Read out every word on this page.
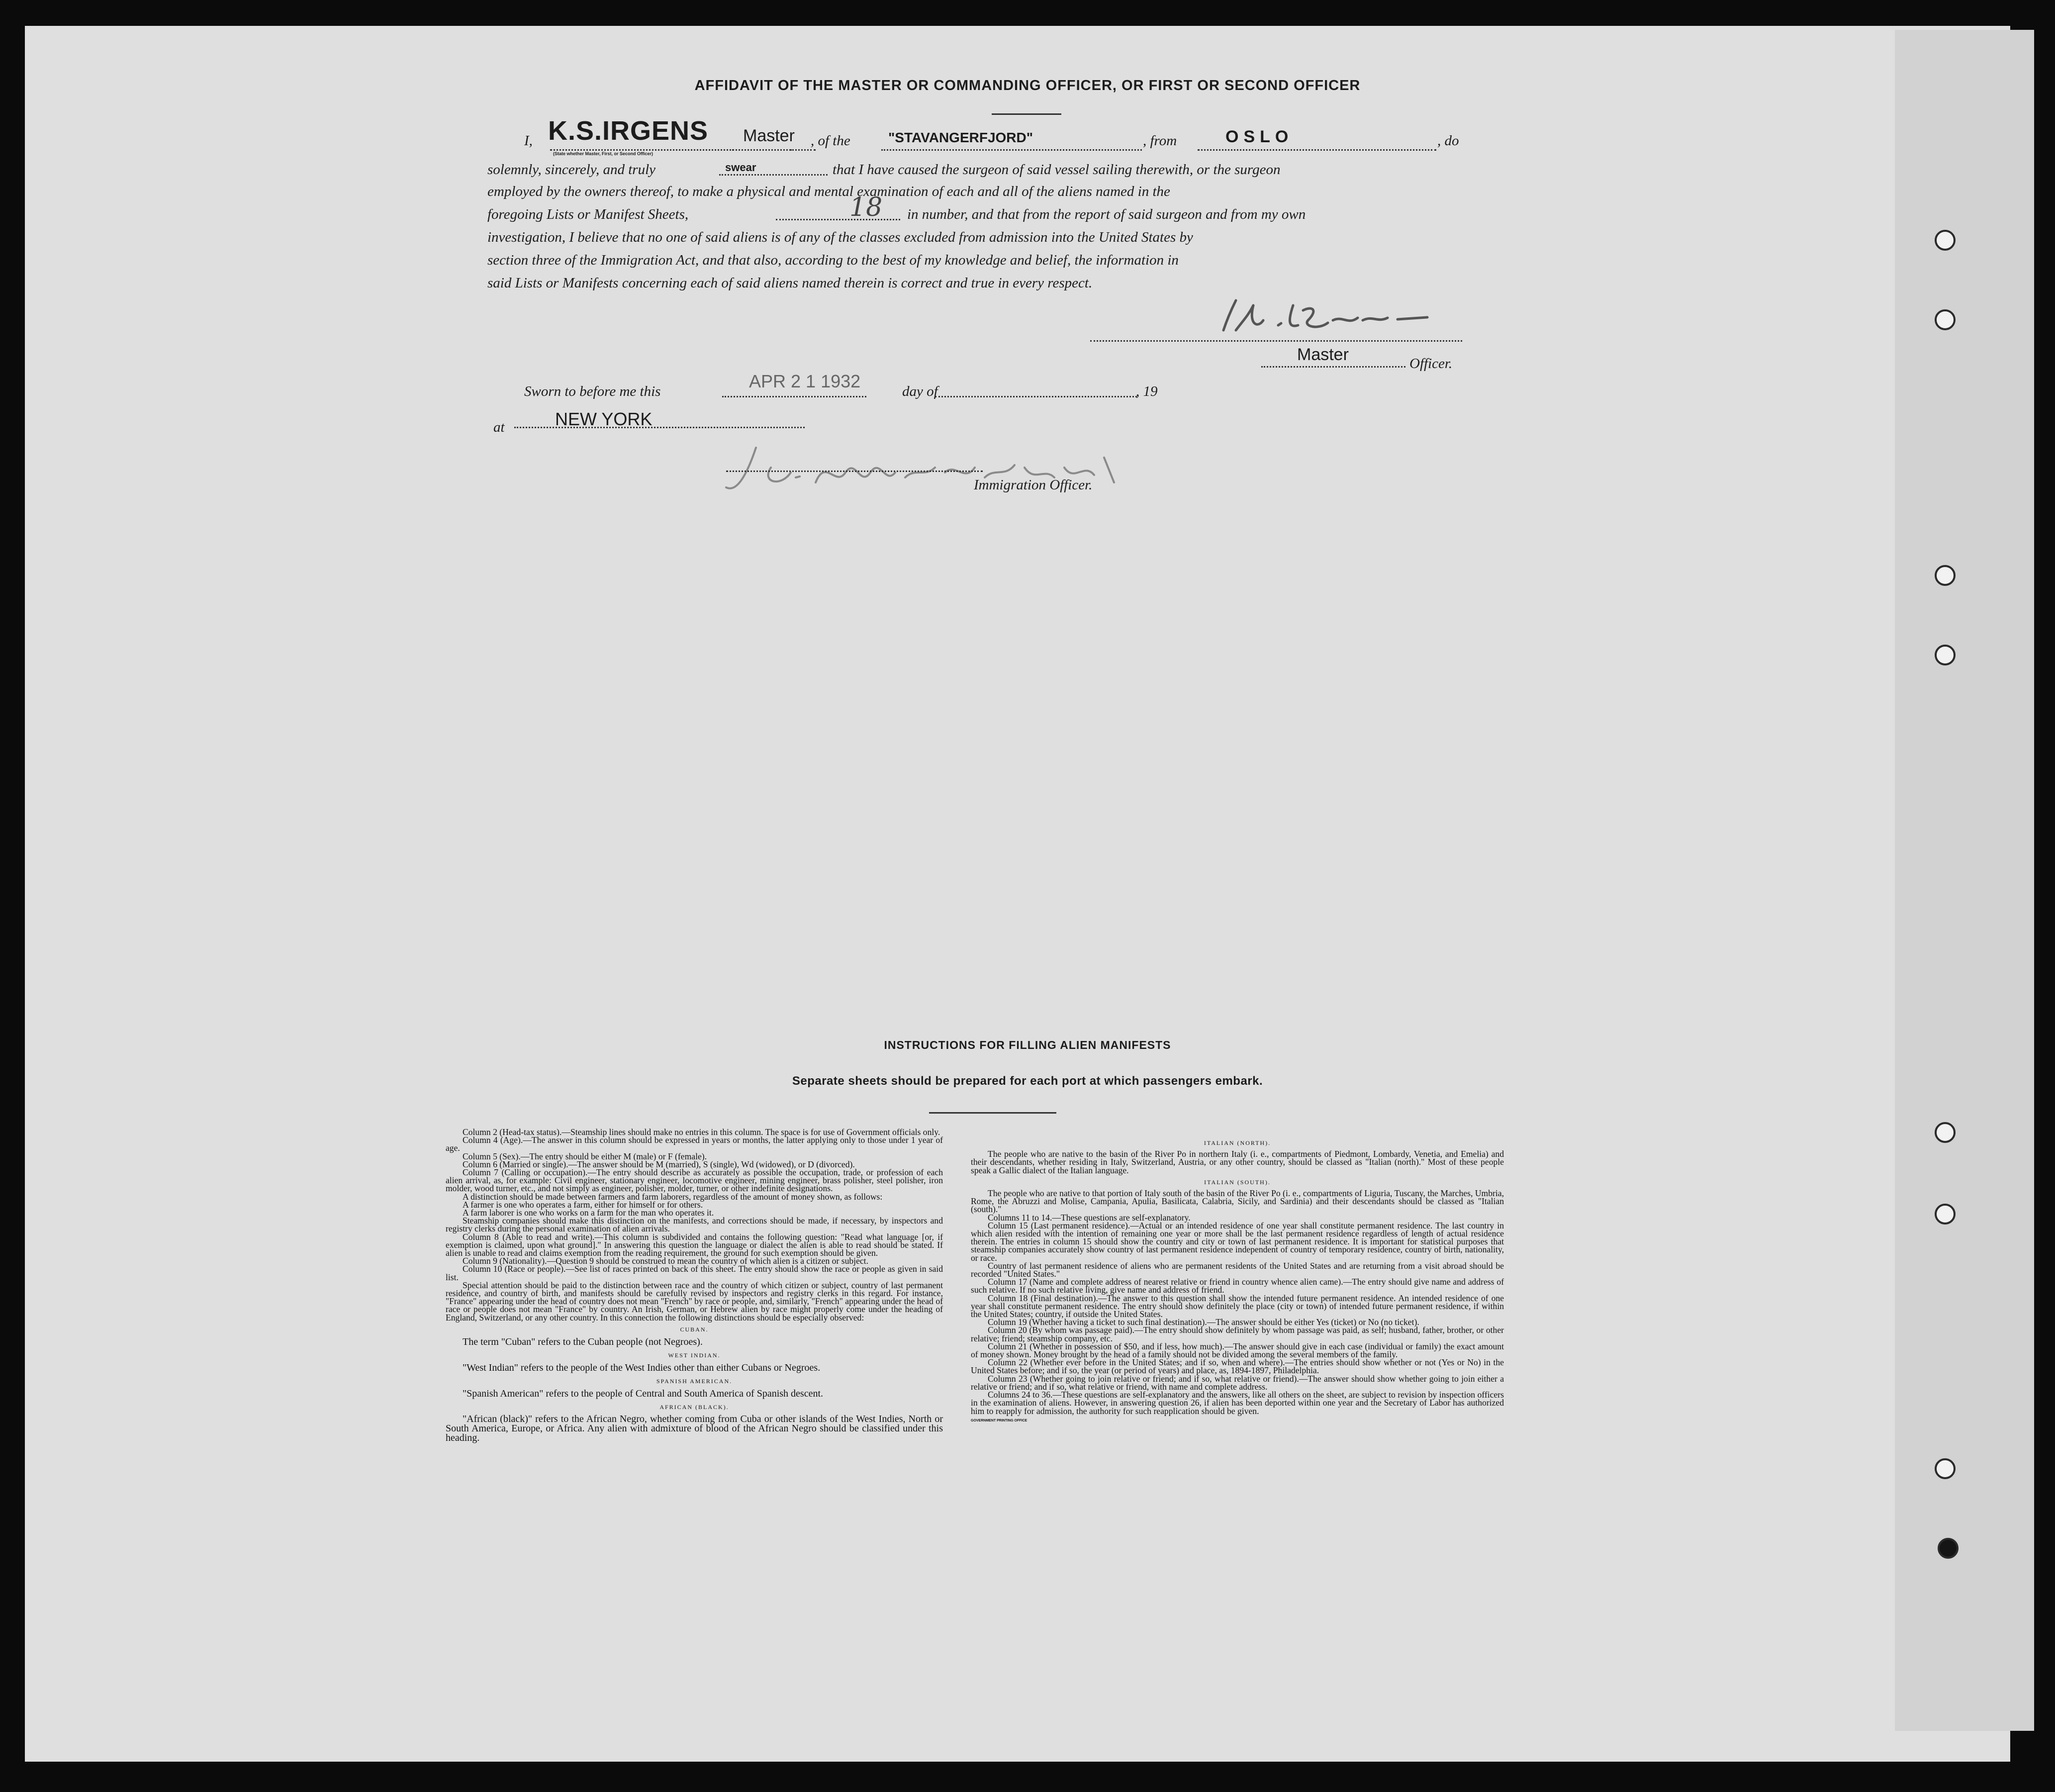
AFFIDAVIT OF THE MASTER OR COMMANDING OFFICER, OR FIRST OR SECOND OFFICER
I, K.S.IRGENS Master , of the	"STAVANGERFJORD"	, from	OSLO	, do
(State whether Master, First, or Second Officer)
solemnly, sincerely, and truly	swear	that I have caused the surgeon of said vessel sailing therewith, or the surgeon
employed by the owners thereof, to make a physical and mental examination of each and all of the aliens named in the
foregoing Lists or Manifest Sheets,	18 in number, and that from the report of said surgeon and from my own
investigation, I believe that no one of said aliens is of any of the classes excluded from admission into the United States by
section three of the Immigration Act, and that also, according to the best of my knowledge and belief, the information in
said Lists or Manifests concerning each of said aliens named therein is correct and true in every respect.
Master	Officer.
Sworn to before me this	APR 2 1 1932	day of	, 19
at	NEW YORK
Immigration Officer.
INSTRUCTIONS FOR FILLING ALIEN MANIFESTS
Separate sheets should be prepared for each port at which passengers embark.

Column 2 (Head-tax status).—Steamship lines should make no entries in this column. The space is for use of Government officials only.

Column 4 (Age).—The answer in this column should be expressed in years or months, the latter applying only to those under 1 year of age.

Column 5 (Sex).—The entry should be either M (male) or F (female).

Column 6 (Married or single).—The answer should be M (married), S (single), Wd (widowed), or D (divorced).

Column 7 (Calling or occupation).—The entry should describe as accurately as possible the occupation, trade, or profession of each alien arrival, as, for example: Civil engineer, stationary engineer, locomotive engineer, mining engineer, brass polisher, steel polisher, iron molder, wood turner, etc., and not simply as engineer, polisher, molder, turner, or other indefinite designations.

A distinction should be made between farmers and farm laborers, regardless of the amount of money shown, as follows:

A farmer is one who operates a farm, either for himself or for others.

A farm laborer is one who works on a farm for the man who operates it.

Steamship companies should make this distinction on the manifests, and corrections should be made, if necessary, by inspectors and registry clerks during the personal examination of alien arrivals.

Column 8 (Able to read and write).—This column is subdivided and contains the following question: "Read what language [or, if exemption is claimed, upon what ground]." In answering this question the language or dialect the alien is able to read should be stated. If alien is unable to read and claims exemption from the reading requirement, the ground for such exemption should be given.

Column 9 (Nationality).—Question 9 should be construed to mean the country of which alien is a citizen or subject.

Column 10 (Race or people).—See list of races printed on back of this sheet. The entry should show the race or people as given in said list.

Special attention should be paid to the distinction between race and the country of which citizen or subject, country of last permanent residence, and country of birth, and manifests should be carefully revised by inspectors and registry clerks in this regard. For instance, "France" appearing under the head of country does not mean "French" by race or people, and, similarly, "French" appearing under the head of race or people does not mean "France" by country. An Irish, German, or Hebrew alien by race might properly come under the heading of England, Switzerland, or any other country. In this connection the following distinctions should be especially observed:

CUBAN.

The term "Cuban" refers to the Cuban people (not Negroes).

WEST INDIAN.

"West Indian" refers to the people of the West Indies other than either Cubans or Negroes.

SPANISH AMERICAN.

"Spanish American" refers to the people of Central and South America of Spanish descent.

AFRICAN (BLACK).

"African (black)" refers to the African Negro, whether coming from Cuba or other islands of the West Indies, North or South America, Europe, or Africa. Any alien with admixture of blood of the African Negro should be classified under this heading.

ITALIAN (NORTH).

The people who are native to the basin of the River Po in northern Italy (i. e., compartments of Piedmont, Lombardy, Venetia, and Emelia) and their descendants, whether residing in Italy, Switzerland, Austria, or any other country, should be classed as "Italian (north)." Most of these people speak a Gallic dialect of the Italian language.

ITALIAN (SOUTH).

The people who are native to that portion of Italy south of the basin of the River Po (i. e., compartments of Liguria, Tuscany, the Marches, Umbria, Rome, the Abruzzi and Molise, Campania, Apulia, Basilicata, Calabria, Sicily, and Sardinia) and their descendants should be classed as "Italian (south)."

Columns 11 to 14.—These questions are self-explanatory.

Column 15 (Last permanent residence).—Actual or an intended residence of one year shall constitute permanent residence. The last country in which alien resided with the intention of remaining one year or more shall be the last permanent residence regardless of length of actual residence therein. The entries in column 15 should show the country and city or town of last permanent residence. It is important for statistical purposes that steamship companies accurately show country of last permanent residence independent of country of temporary residence, country of birth, nationality, or race.

Country of last permanent residence of aliens who are permanent residents of the United States and are returning from a visit abroad should be recorded "United States."

Column 17 (Name and complete address of nearest relative or friend in country whence alien came).—The entry should give name and address of such relative. If no such relative living, give name and address of friend.

Column 18 (Final destination).—The answer to this question shall show the intended future permanent residence. An intended residence of one year shall constitute permanent residence. The entry should show definitely the place (city or town) of intended future permanent residence, if within the United States; country, if outside the United States.

Column 19 (Whether having a ticket to such final destination).—The answer should be either Yes (ticket) or No (no ticket).

Column 20 (By whom was passage paid).—The entry should show definitely by whom passage was paid, as self; husband, father, brother, or other relative; friend; steamship company, etc.

Column 21 (Whether in possession of $50, and if less, how much).—The answer should give in each case (individual or family) the exact amount of money shown. Money brought by the head of a family should not be divided among the several members of the family.

Column 22 (Whether ever before in the United States; and if so, when and where).—The entries should show whether or not (Yes or No) in the United States before; and if so, the year (or period of years) and place, as, 1894-1897, Philadelphia.

Column 23 (Whether going to join relative or friend; and if so, what relative or friend).—The answer should show whether going to join either a relative or friend; and if so, what relative or friend, with name and complete address.

Columns 24 to 36.—These questions are self-explanatory and the answers, like all others on the sheet, are subject to revision by inspection officers in the examination of aliens. However, in answering question 26, if alien has been deported within one year and the Secretary of Labor has authorized him to reapply for admission, the authority for such reapplication should be given.

GOVERNMENT PRINTING OFFICE
